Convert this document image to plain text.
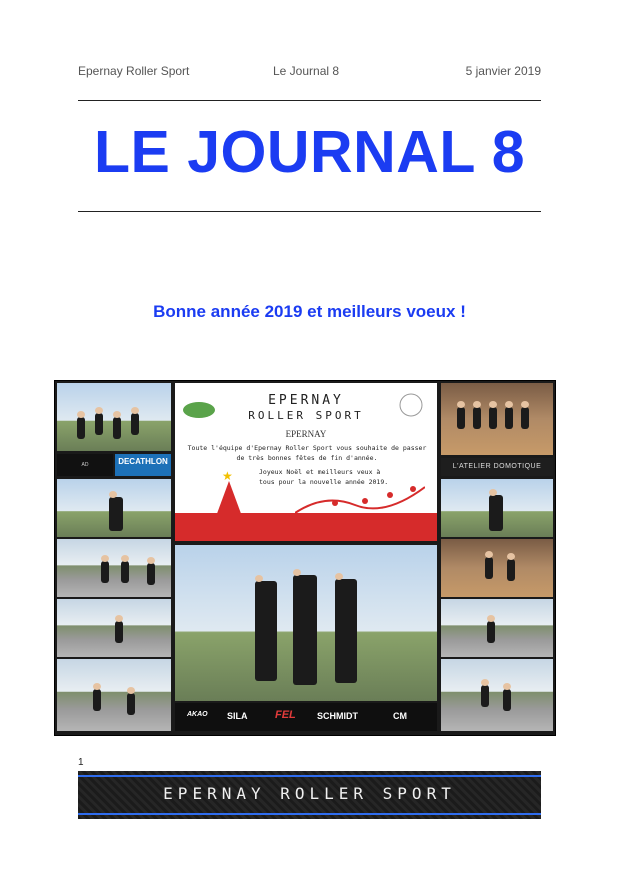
Epernay Roller Sport	Le Journal 8	5 janvier 2019
LE JOURNAL 8
Bonne année 2019 et meilleurs voeux !
AD	DECATHLON
EPERNAY
ROLLER SPORT
EPERNAY
Toute l'équipe d'Epernay Roller Sport vous souhaite de passer de très bonnes fêtes de fin d'année.
Joyeux Noël et meilleurs veux à tous pour la nouvelle année 2019.
★
AKAO SILA FEL SCHMIDT	CM
L'ATELIER DOMOTIQUE
1
EPERNAY ROLLER SPORT
